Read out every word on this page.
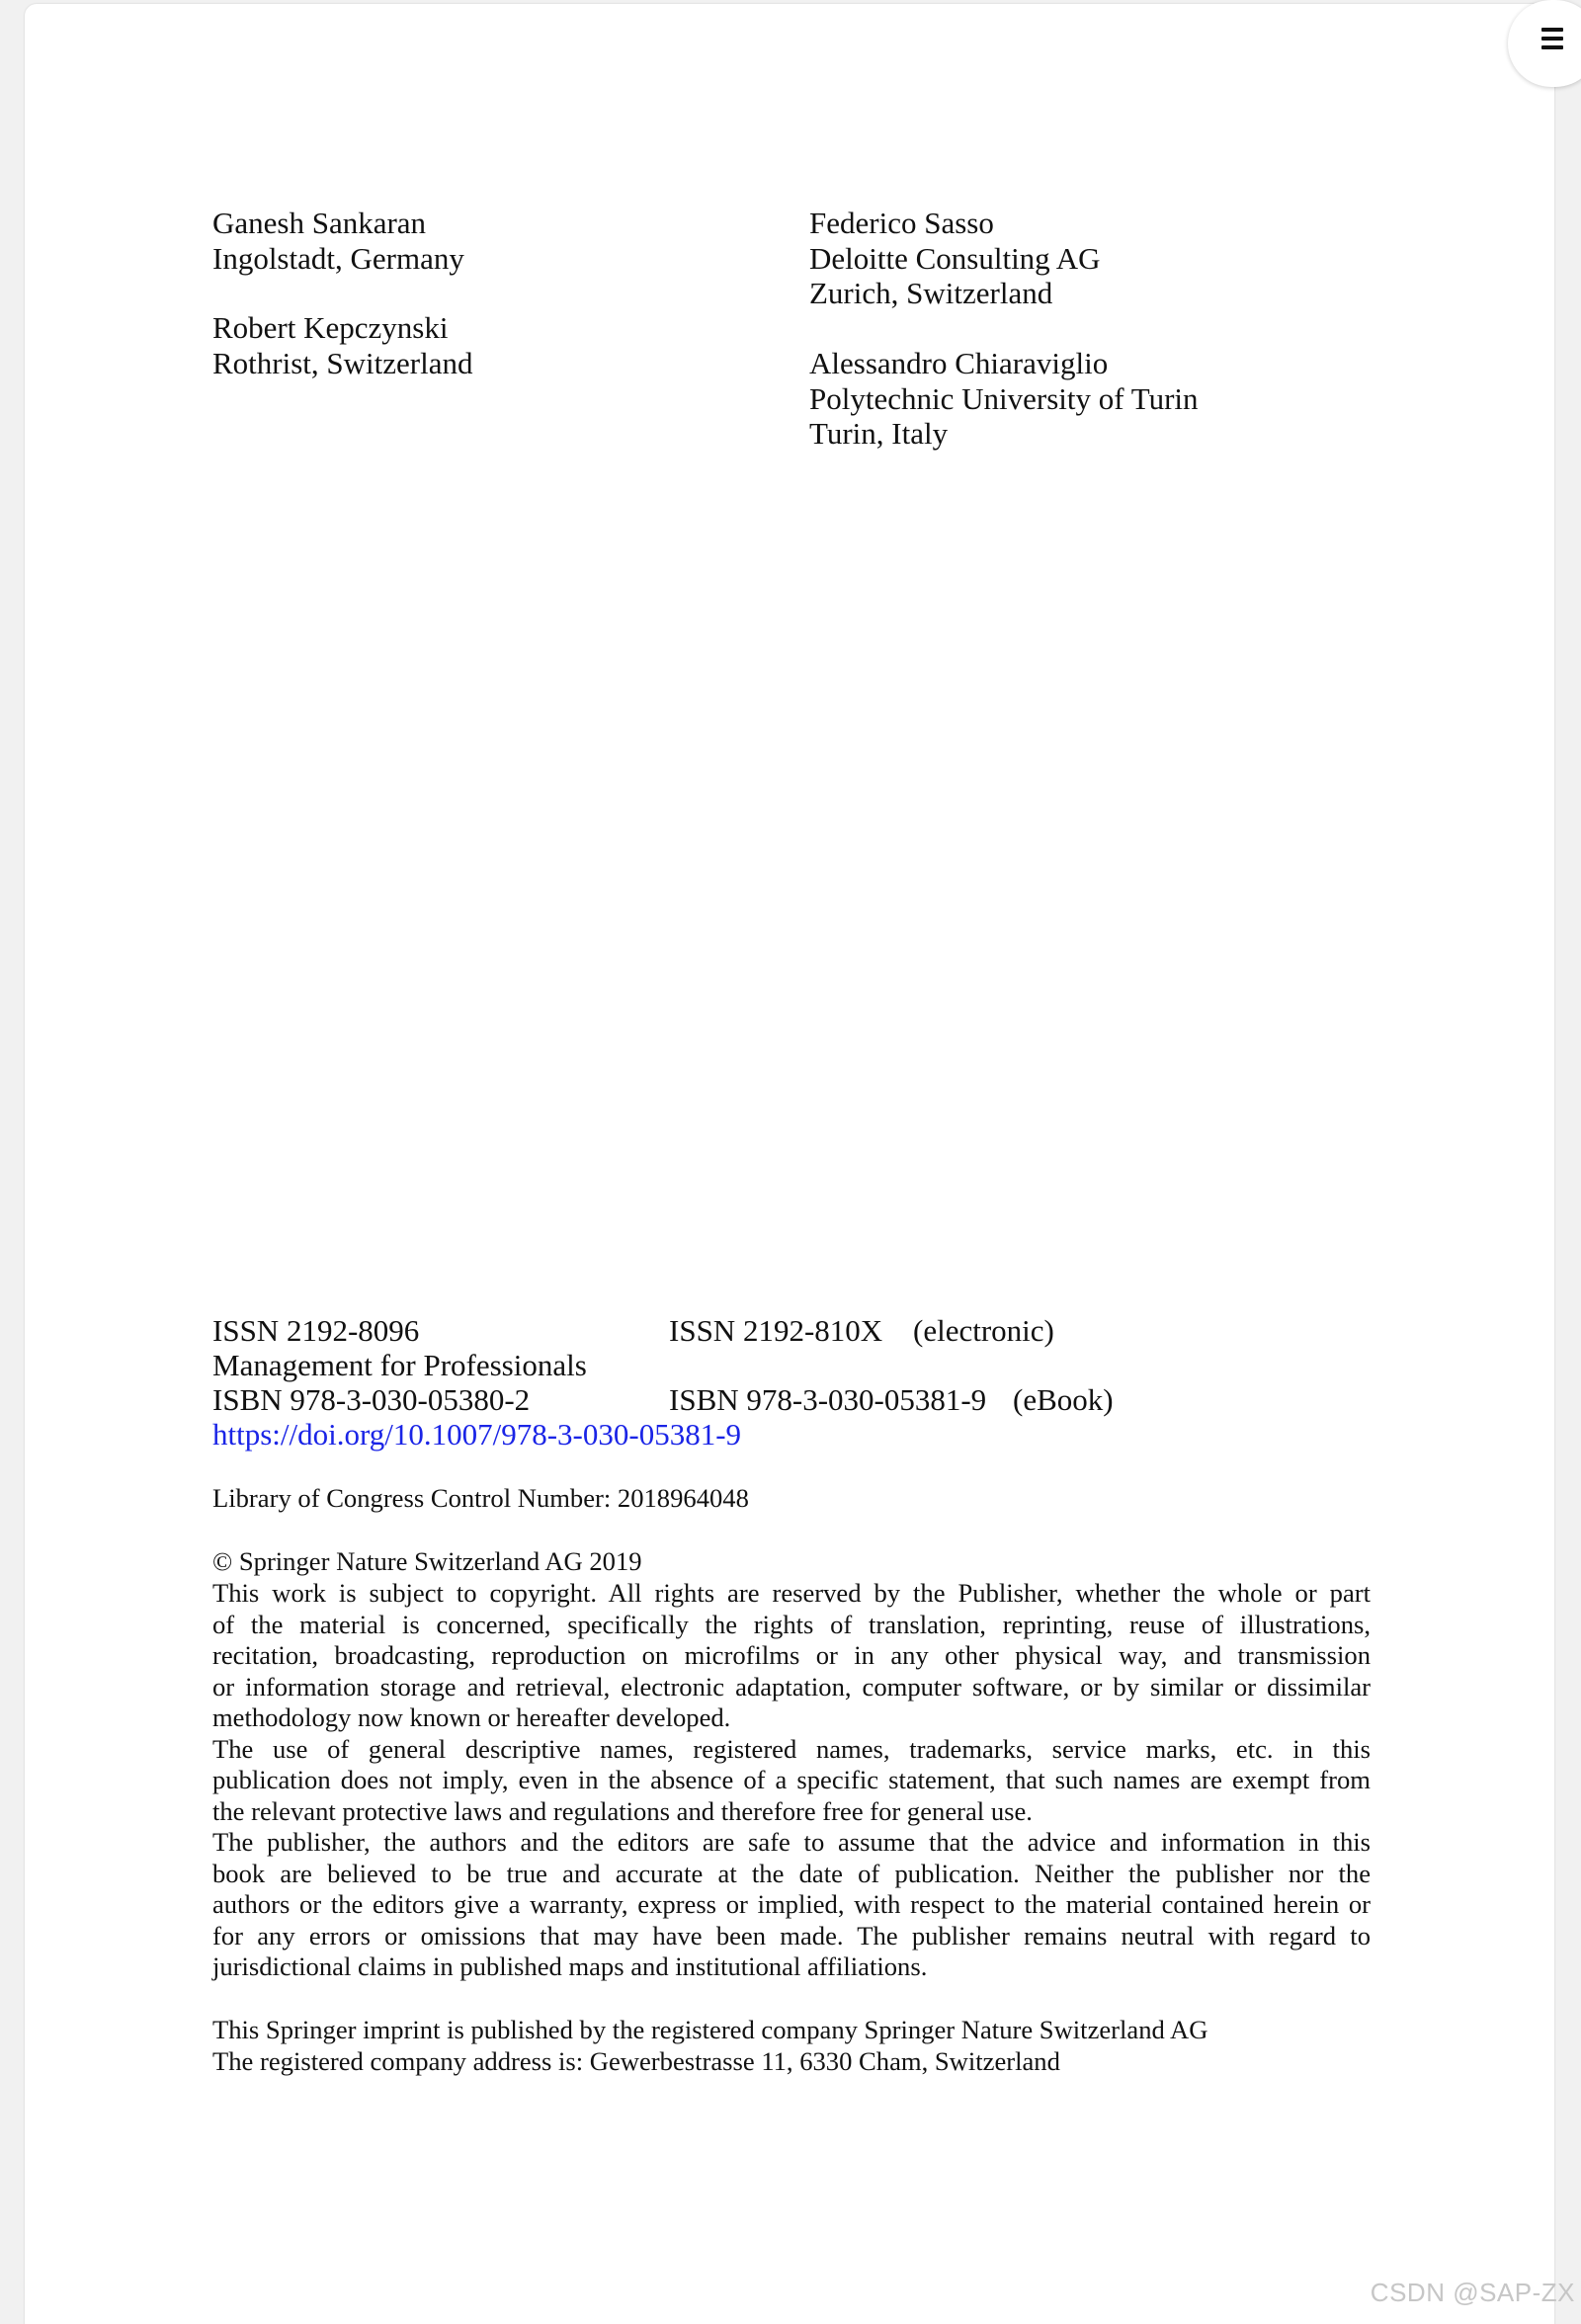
Ganesh Sankaran
Ingolstadt, Germany
Robert Kepczynski
Rothrist, Switzerland
Federico Sasso
Deloitte Consulting AG
Zurich, Switzerland
Alessandro Chiaraviglio
Polytechnic University of Turin
Turin, Italy
ISSN 2192-8096	ISSN 2192-810X (electronic)
Management for Professionals
ISBN 978-3-030-05380-2	ISBN 978-3-030-05381-9 (eBook)
https://doi.org/10.1007/978-3-030-05381-9
Library of Congress Control Number: 2018964048
© Springer Nature Switzerland AG 2019
This work is subject to copyright. All rights are reserved by the Publisher, whether the whole or part
of the material is concerned, specifically the rights of translation, reprinting, reuse of illustrations,
recitation, broadcasting, reproduction on microfilms or in any other physical way, and transmission
or information storage and retrieval, electronic adaptation, computer software, or by similar or dissimilar
methodology now known or hereafter developed.
The use of general descriptive names, registered names, trademarks, service marks, etc. in this
publication does not imply, even in the absence of a specific statement, that such names are exempt from
the relevant protective laws and regulations and therefore free for general use.
The publisher, the authors and the editors are safe to assume that the advice and information in this
book are believed to be true and accurate at the date of publication. Neither the publisher nor the
authors or the editors give a warranty, express or implied, with respect to the material contained herein or
for any errors or omissions that may have been made. The publisher remains neutral with regard to
jurisdictional claims in published maps and institutional affiliations.
This Springer imprint is published by the registered company Springer Nature Switzerland AG
The registered company address is: Gewerbestrasse 11, 6330 Cham, Switzerland
CSDN @SAP-ZX
